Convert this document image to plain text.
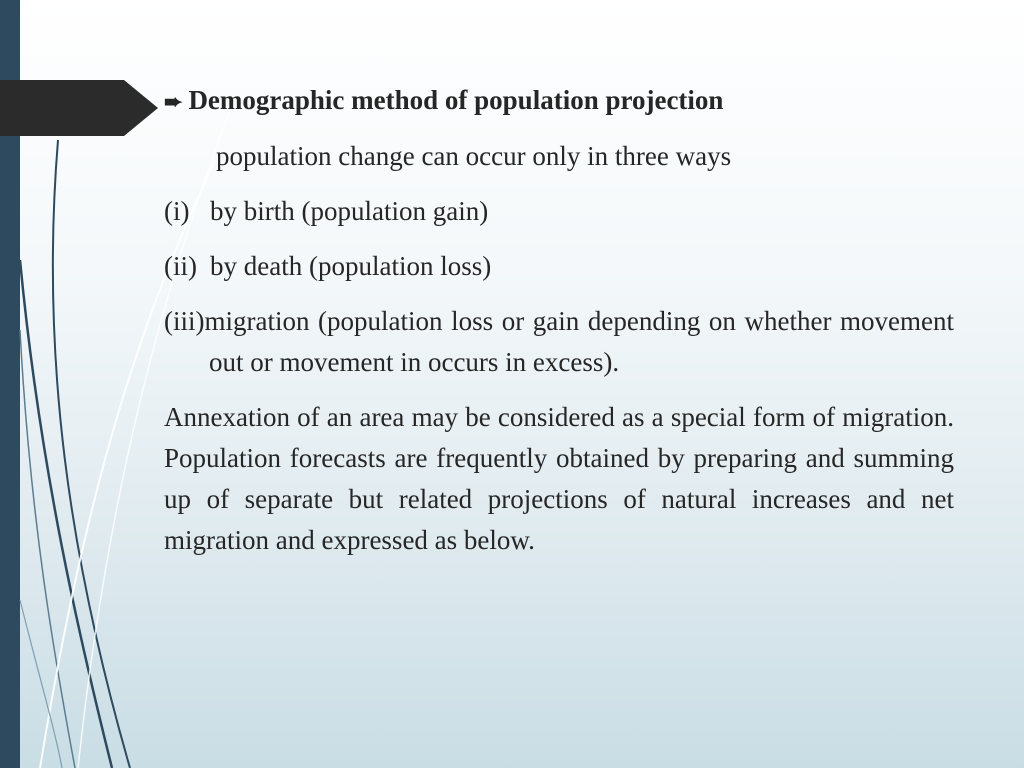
➨ Demographic method of population projection
population change can occur only in three ways
(i) by birth (population gain)
(ii) by death (population loss)
(iii)migration (population loss or gain depending on whether movement out or movement in occurs in excess).

Annexation of an area may be considered as a special form of migration. Population forecasts are frequently obtained by preparing and summing up of separate but related projections of natural increases and net migration and expressed as below.
